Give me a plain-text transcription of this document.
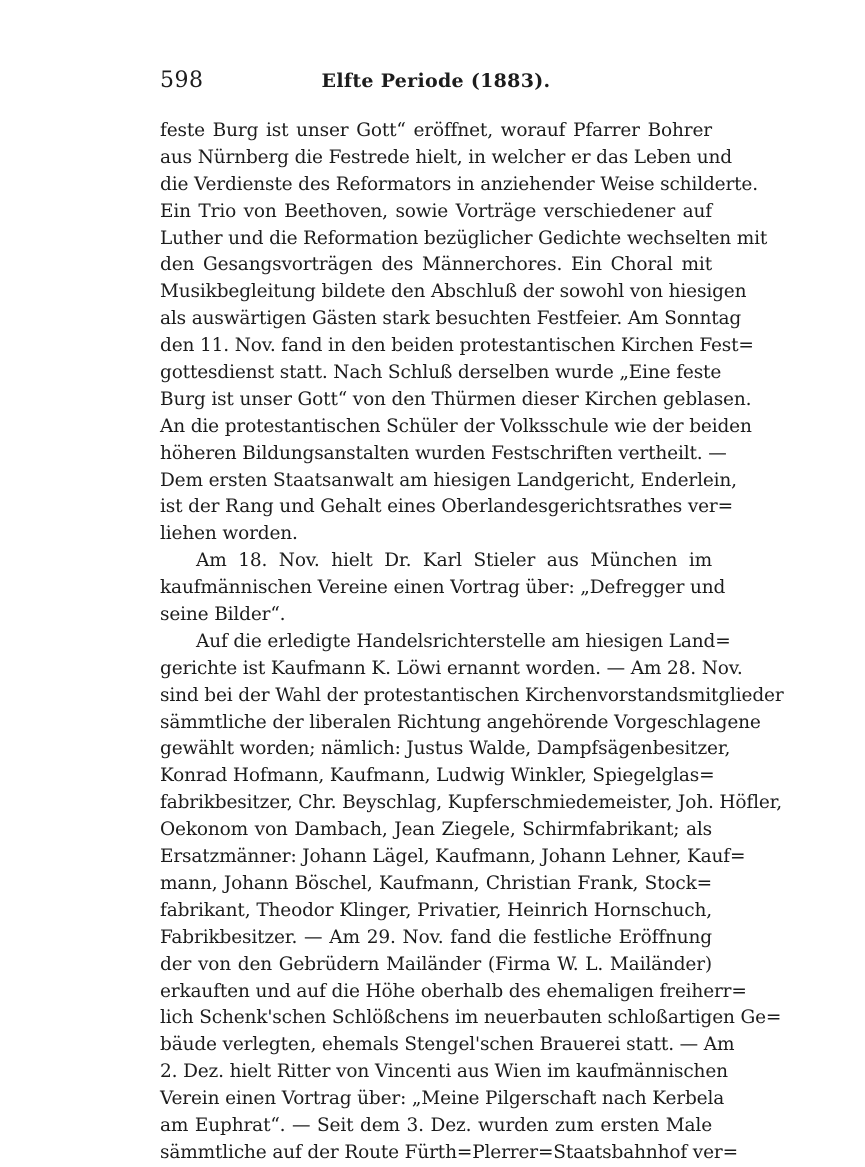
598	Elfte Periode (1883).
feste Burg ist unser Gott“ eröffnet, worauf Pfarrer Bohrer
aus Nürnberg die Festrede hielt, in welcher er das Leben und
die Verdienste des Reformators in anziehender Weise schilderte.
Ein Trio von Beethoven, sowie Vorträge verschiedener auf
Luther und die Reformation bezüglicher Gedichte wechselten mit
den Gesangsvorträgen des Männerchores. Ein Choral mit
Musikbegleitung bildete den Abschluß der sowohl von hiesigen
als auswärtigen Gästen stark besuchten Festfeier. Am Sonntag
den 11. Nov. fand in den beiden protestantischen Kirchen Fest=
gottesdienst statt. Nach Schluß derselben wurde „Eine feste
Burg ist unser Gott“ von den Thürmen dieser Kirchen geblasen.
An die protestantischen Schüler der Volksschule wie der beiden
höheren Bildungsanstalten wurden Festschriften vertheilt. —
Dem ersten Staatsanwalt am hiesigen Landgericht, Enderlein,
ist der Rang und Gehalt eines Oberlandesgerichtsrathes ver=
liehen worden.
Am 18. Nov. hielt Dr. Karl Stieler aus München im
kaufmännischen Vereine einen Vortrag über: „Defregger und
seine Bilder“.
Auf die erledigte Handelsrichterstelle am hiesigen Land=
gerichte ist Kaufmann K. Löwi ernannt worden. — Am 28. Nov.
sind bei der Wahl der protestantischen Kirchenvorstandsmitglieder
sämmtliche der liberalen Richtung angehörende Vorgeschlagene
gewählt worden; nämlich: Justus Walde, Dampfsägenbesitzer,
Konrad Hofmann, Kaufmann, Ludwig Winkler, Spiegelglas=
fabrikbesitzer, Chr. Beyschlag, Kupferschmiedemeister, Joh. Höfler,
Oekonom von Dambach, Jean Ziegele, Schirmfabrikant; als
Ersatzmänner: Johann Lägel, Kaufmann, Johann Lehner, Kauf=
mann, Johann Böschel, Kaufmann, Christian Frank, Stock=
fabrikant, Theodor Klinger, Privatier, Heinrich Hornschuch,
Fabrikbesitzer. — Am 29. Nov. fand die festliche Eröffnung
der von den Gebrüdern Mailänder (Firma W. L. Mailänder)
erkauften und auf die Höhe oberhalb des ehemaligen freiherr=
lich Schenk'schen Schlößchens im neuerbauten schloßartigen Ge=
bäude verlegten, ehemals Stengel'schen Brauerei statt. — Am
2. Dez. hielt Ritter von Vincenti aus Wien im kaufmännischen
Verein einen Vortrag über: „Meine Pilgerschaft nach Kerbela
am Euphrat“. — Seit dem 3. Dez. wurden zum ersten Male
sämmtliche auf der Route Fürth=Plerrer=Staatsbahnhof ver=
